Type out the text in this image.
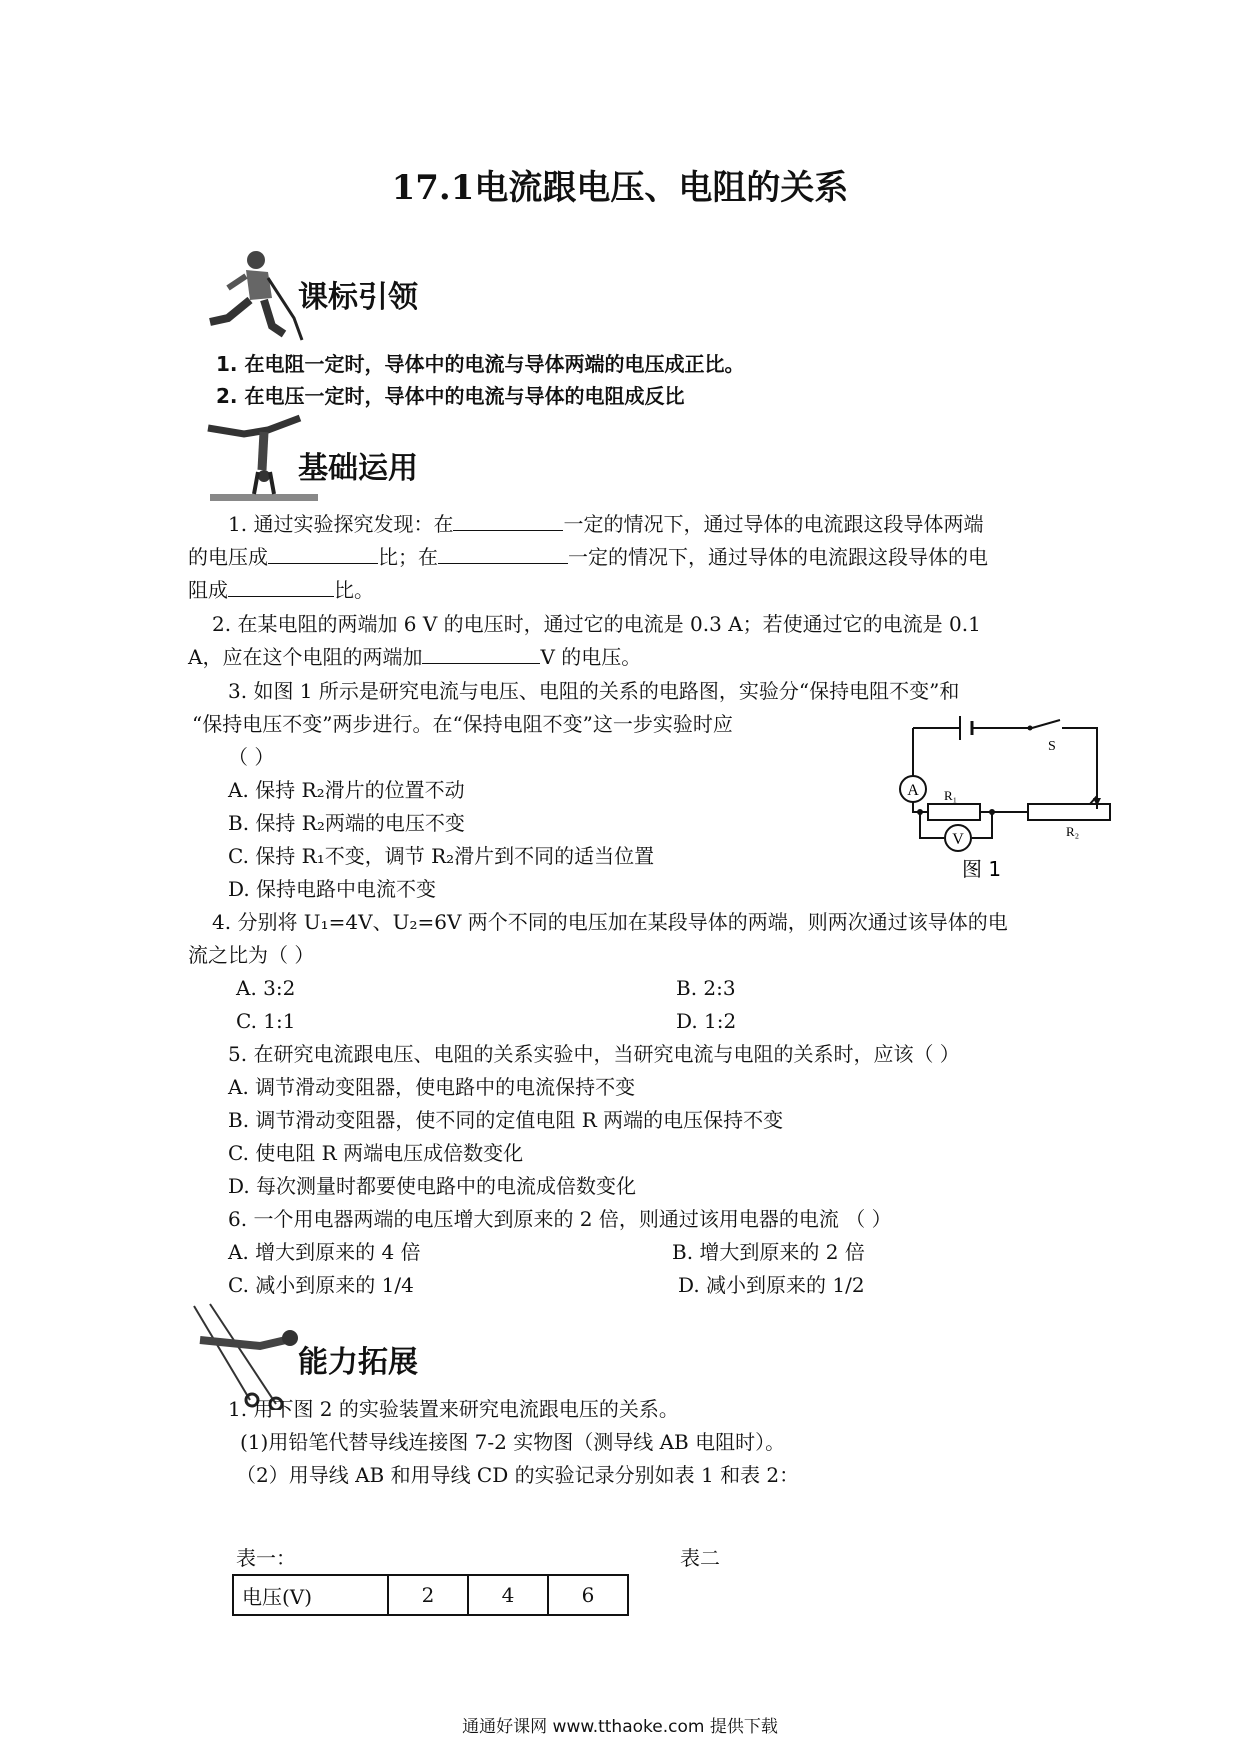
17.1电流跟电压、电阻的关系
课标引领
1. 在电阻一定时，导体中的电流与导体两端的电压成正比。
2. 在电压一定时，导体中的电流与导体的电阻成反比
基础运用
1. 通过实验探究发现：在	一定的情况下，通过导体的电流跟这段导体两端
的电压成	比；在	一定的情况下，通过导体的电流跟这段导体的电
阻成	比。
2. 在某电阻的两端加 6 V 的电压时，通过它的电流是 0.3 A；若使通过它的电流是 0.1
A，应在这个电阻的两端加	V 的电压。
3. 如图 1 所示是研究电流与电压、电阻的关系的电路图，实验分“保持电阻不变”和
“保持电压不变”两步进行。在“保持电阻不变”这一步实验时应
（ ）
A. 保持 R₂滑片的位置不动
B. 保持 R₂两端的电压不变
C. 保持 R₁不变，调节 R₂滑片到不同的适当位置
D. 保持电路中电流不变
A
V
S
R₁
R₂
图 1
4. 分别将 U₁=4V、U₂=6V 两个不同的电压加在某段导体的两端，则两次通过该导体的电
流之比为（ ）
A. 3:2	B. 2:3
C. 1:1	D. 1:2
5. 在研究电流跟电压、电阻的关系实验中，当研究电流与电阻的关系时，应该（ ）
A. 调节滑动变阻器，使电路中的电流保持不变
B. 调节滑动变阻器，使不同的定值电阻 R 两端的电压保持不变
C. 使电阻 R 两端电压成倍数变化
D. 每次测量时都要使电路中的电流成倍数变化
6. 一个用电器两端的电压增大到原来的 2 倍，则通过该用电器的电流 （ ）
A. 增大到原来的 4 倍	B. 增大到原来的 2 倍
C. 减小到原来的 1/4	D. 减小到原来的 1/2
能力拓展
1. 用下图 2 的实验装置来研究电流跟电压的关系。
(1)用铅笔代替导线连接图 7-2 实物图（测导线 AB 电阻时）。
（2）用导线 AB 和用导线 CD 的实验记录分别如表 1 和表 2：
表一：	表二
电压(V)	2	4	6
通通好课网 www.tthaoke.com 提供下载
